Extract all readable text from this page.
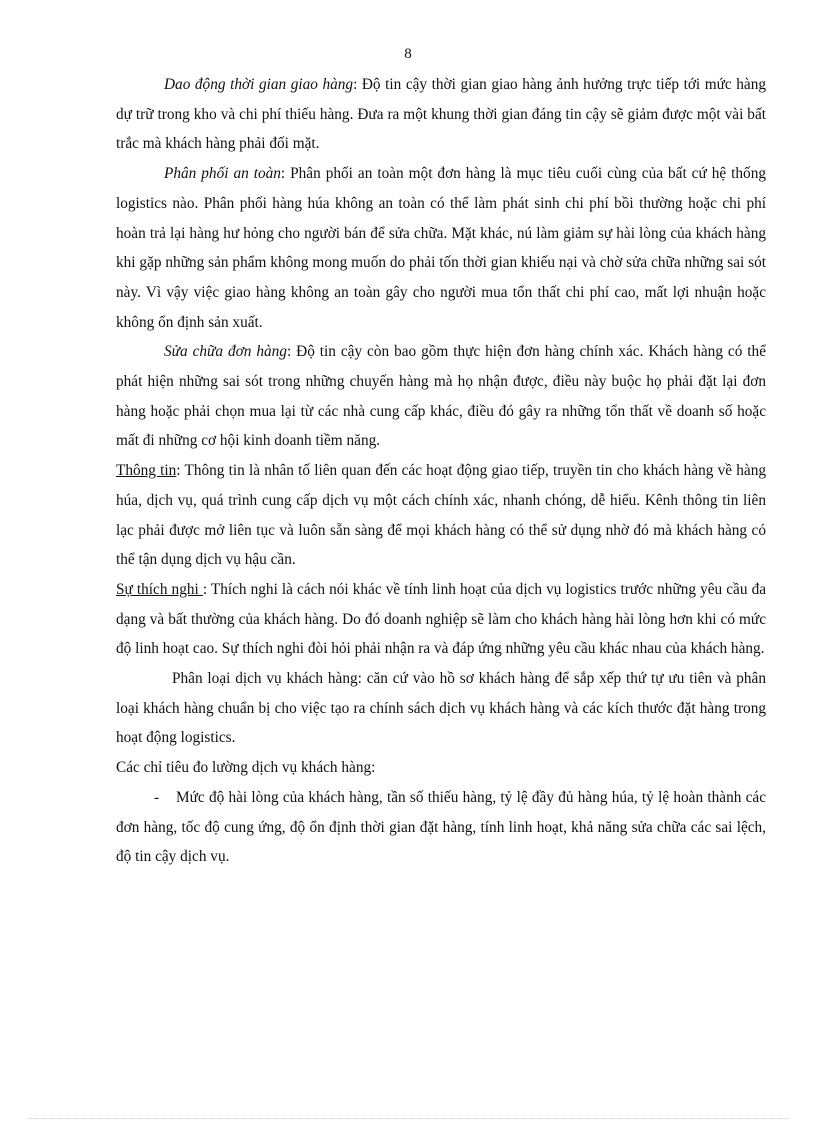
8

Dao động thời gian giao hàng: Độ tin cậy thời gian giao hàng ảnh hưởng trực tiếp tới mức hàng dự trữ trong kho và chi phí thiếu hàng. Đưa ra một khung thời gian đáng tin cậy sẽ giảm được một vài bất trắc mà khách hàng phải đối mặt.

Phân phối an toàn: Phân phối an toàn một đơn hàng là mục tiêu cuối cùng của bất cứ hệ thống logistics nào. Phân phối hàng húa không an toàn có thể làm phát sinh chi phí bồi thường hoặc chi phí hoàn trả lại hàng hư hỏng cho người bán để sửa chữa. Mặt khác, nú làm giảm sự hài lòng của khách hàng khi gặp những sản phẩm không mong muốn do phải tốn thời gian khiếu nại và chờ sửa chữa những sai sót này. Vì vậy việc giao hàng không an toàn gây cho người mua tổn thất chi phí cao, mất lợi nhuận hoặc không ổn định sản xuất.

Sửa chữa đơn hàng: Độ tin cậy còn bao gồm thực hiện đơn hàng chính xác. Khách hàng có thể phát hiện những sai sót trong những chuyến hàng mà họ nhận được, điều này buộc họ phải đặt lại đơn hàng hoặc phải chọn mua lại từ các nhà cung cấp khác, điều đó gây ra những tổn thất về doanh số hoặc mất đi những cơ hội kinh doanh tiềm năng.

Thông tin: Thông tin là nhân tố liên quan đến các hoạt động giao tiếp, truyền tin cho khách hàng về hàng húa, dịch vụ, quá trình cung cấp dịch vụ một cách chính xác, nhanh chóng, dễ hiểu. Kênh thông tin liên lạc phải được mở liên tục và luôn sẵn sàng để mọi khách hàng có thể sử dụng nhờ đó mà khách hàng có thể tận dụng dịch vụ hậu cần.

Sự thích nghi : Thích nghi là cách nói khác về tính linh hoạt của dịch vụ logistics trước những yêu cầu đa dạng và bất thường của khách hàng. Do đó doanh nghiệp sẽ làm cho khách hàng hài lòng hơn khi có mức độ linh hoạt cao. Sự thích nghi đòi hỏi phải nhận ra và đáp ứng những yêu cầu khác nhau của khách hàng.

Phân loại dịch vụ khách hàng: căn cứ vào hồ sơ khách hàng để sắp xếp thứ tự ưu tiên và phân loại khách hàng chuẩn bị cho việc tạo ra chính sách dịch vụ khách hàng và các kích thước đặt hàng trong hoạt động logistics.

Các chỉ tiêu đo lường dịch vụ khách hàng:

- Mức độ hài lòng của khách hàng, tần số thiếu hàng, tỷ lệ đầy đủ hàng húa, tỷ lệ hoàn thành các đơn hàng, tốc độ cung ứng, độ ổn định thời gian đặt hàng, tính linh hoạt, khả năng sửa chữa các sai lệch, độ tin cậy dịch vụ.
